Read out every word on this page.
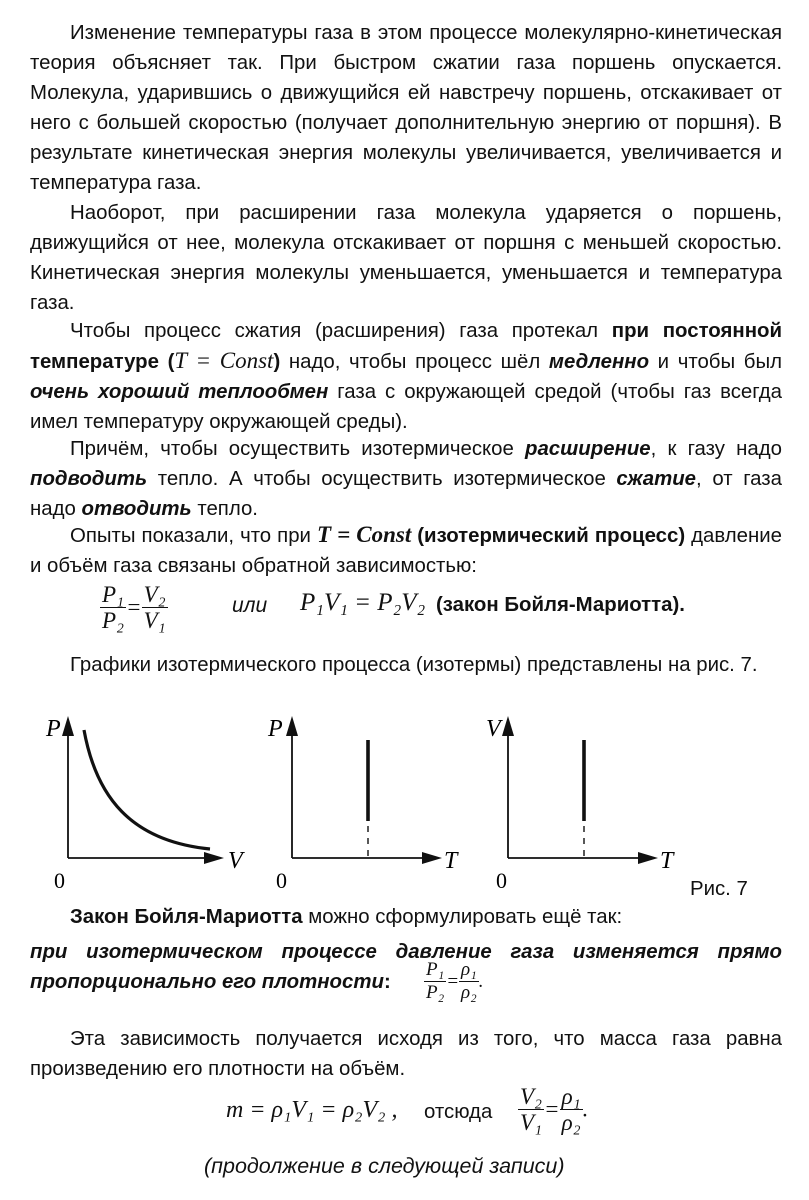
Изменение температуры газа в этом процессе молекулярно-кинетическая теория объясняет так. При быстром сжатии газа поршень опускается. Молекула, ударившись о движущийся ей навстречу поршень, отскакивает от него с большей скоростью (получает дополнительную энергию от поршня). В результате кинетическая энергия молекулы увеличивается, увеличивается и температура газа.

Наоборот, при расширении газа молекула ударяется о поршень, движущийся от нее, молекула отскакивает от поршня с меньшей скоростью. Кинетическая энергия молекулы уменьшается, уменьшается и температура газа.

Чтобы процесс сжатия (расширения) газа протекал при постоянной температуре (T = Const) надо, чтобы процесс шёл медленно и чтобы был очень хороший теплообмен газа с окружающей средой (чтобы газ всегда имел температуру окружающей среды).

Причём, чтобы осуществить изотермическое расширение, к газу надо подводить тепло. А чтобы осуществить изотермическое сжатие, от газа надо отводить тепло.

Опыты показали, что при T = Const (изотермический процесс) давление и объём газа связаны обратной зависимостью:

$\frac{\text{P₁}}{\text{P₂}} = \frac{\text{V₂}}{\text{V₁}}$	или P₁V₁ = P₂V₂ (закон Бойля-Мариотта).

Графики изотермического процесса (изотермы) представлены на рис. 7.

P
V
0
P
T
0
V
T
0	Рис. 7
Закон Бойля-Мариотта можно сформулировать ещё так:

при изотермическом процессе давление газа изменяется прямо пропорционально его плотности:	$\frac{\text{P₁}}{\text{P₂}} = \frac{\text{ρ₁}}{\text{ρ₂}}$ .

Эта зависимость получается исходя из того, что масса газа равна произведению его плотности на объём.

m = ρ₁V₁ = ρ₂V₂ , отсюда $\frac{\text{V₂}}{\text{V₁}} = \frac{\text{ρ₁}}{\text{ρ₂}}$ .
(продолжение в следующей записи)
